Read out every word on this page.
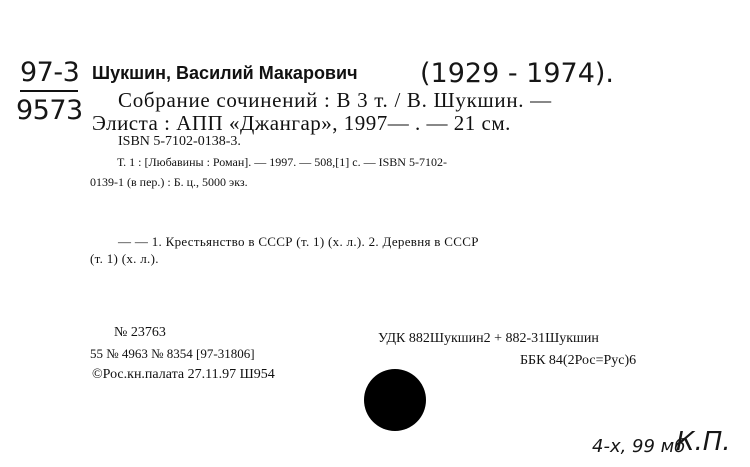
97-3
9573
Шукшин, Василий Макарович (1929 - 1974).
Собрание сочинений : В 3 т. / В. Шукшин. —
Элиста : АПП «Джангар», 1997— . — 21 см.
ISBN 5-7102-0138-3.
Т. 1 : [Любавины : Роман]. — 1997. — 508,[1] с. — ISBN 5-7102-
0139-1 (в пер.) : Б. ц., 5000 экз.
— — 1. Крестьянство в СССР (т. 1) (х. л.). 2. Деревня в СССР
(т. 1) (х. л.).
№ 23763
55 № 4963 № 8354 [97-31806]
©Рос.кн.палата 27.11.97 Ш954
УДК 882Шукшин2 + 882-31Шукшин
ББК 84(2Рос=Рус)6
4-х, 99 мб
К.П.
